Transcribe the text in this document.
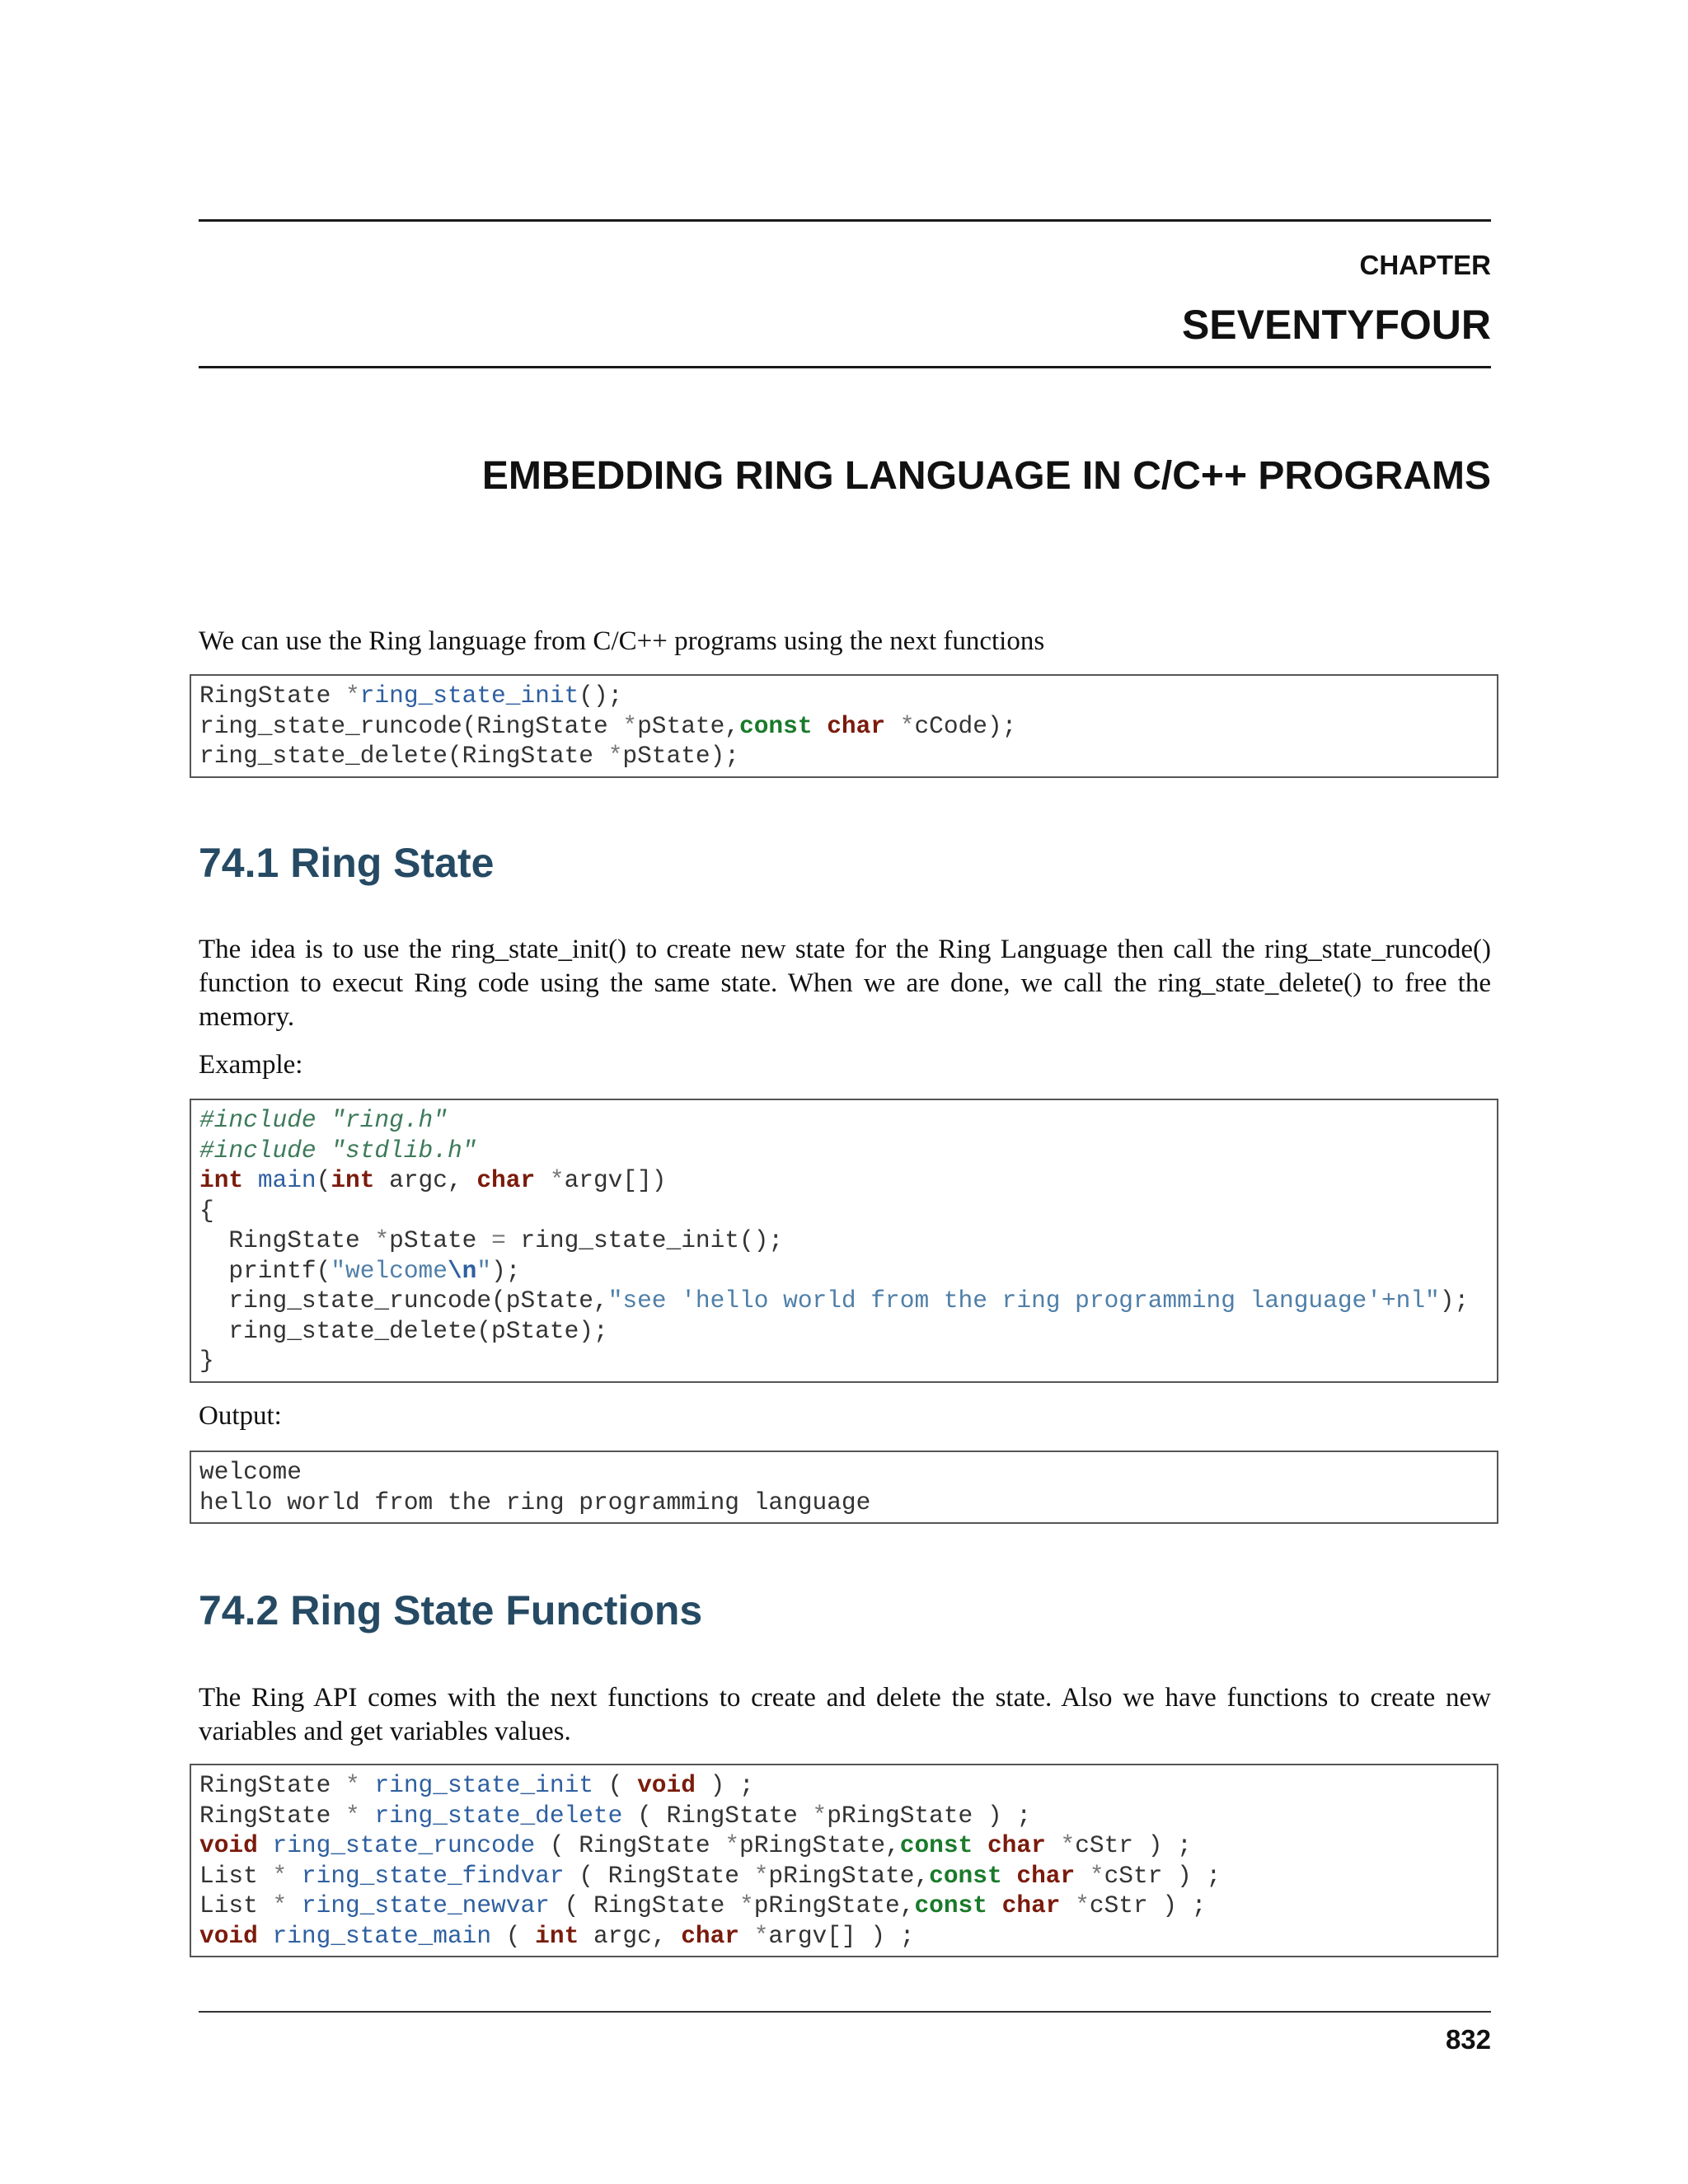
CHAPTER
SEVENTYFOUR
EMBEDDING RING LANGUAGE IN C/C++ PROGRAMS
We can use the Ring language from C/C++ programs using the next functions
RingState *ring_state_init();
ring_state_runcode(RingState *pState,const char *cCode);
ring_state_delete(RingState *pState);
74.1 Ring State
The idea is to use the ring_state_init() to create new state for the Ring Language then call the ring_state_runcode() function to execut Ring code using the same state. When we are done, we call the ring_state_delete() to free the memory.
Example:
#include "ring.h"
#include "stdlib.h"
int main(int argc, char *argv[])
{
RingState *pState = ring_state_init();
printf("welcome\n");
ring_state_runcode(pState,"see 'hello world from the ring programming language'+nl");
ring_state_delete(pState);
}
Output:
welcome
hello world from the ring programming language
74.2 Ring State Functions
The Ring API comes with the next functions to create and delete the state. Also we have functions to create new variables and get variables values.
RingState * ring_state_init ( void ) ;
RingState * ring_state_delete ( RingState *pRingState ) ;
void ring_state_runcode ( RingState *pRingState,const char *cStr ) ;
List * ring_state_findvar ( RingState *pRingState,const char *cStr ) ;
List * ring_state_newvar ( RingState *pRingState,const char *cStr ) ;
void ring_state_main ( int argc, char *argv[] ) ;
832
